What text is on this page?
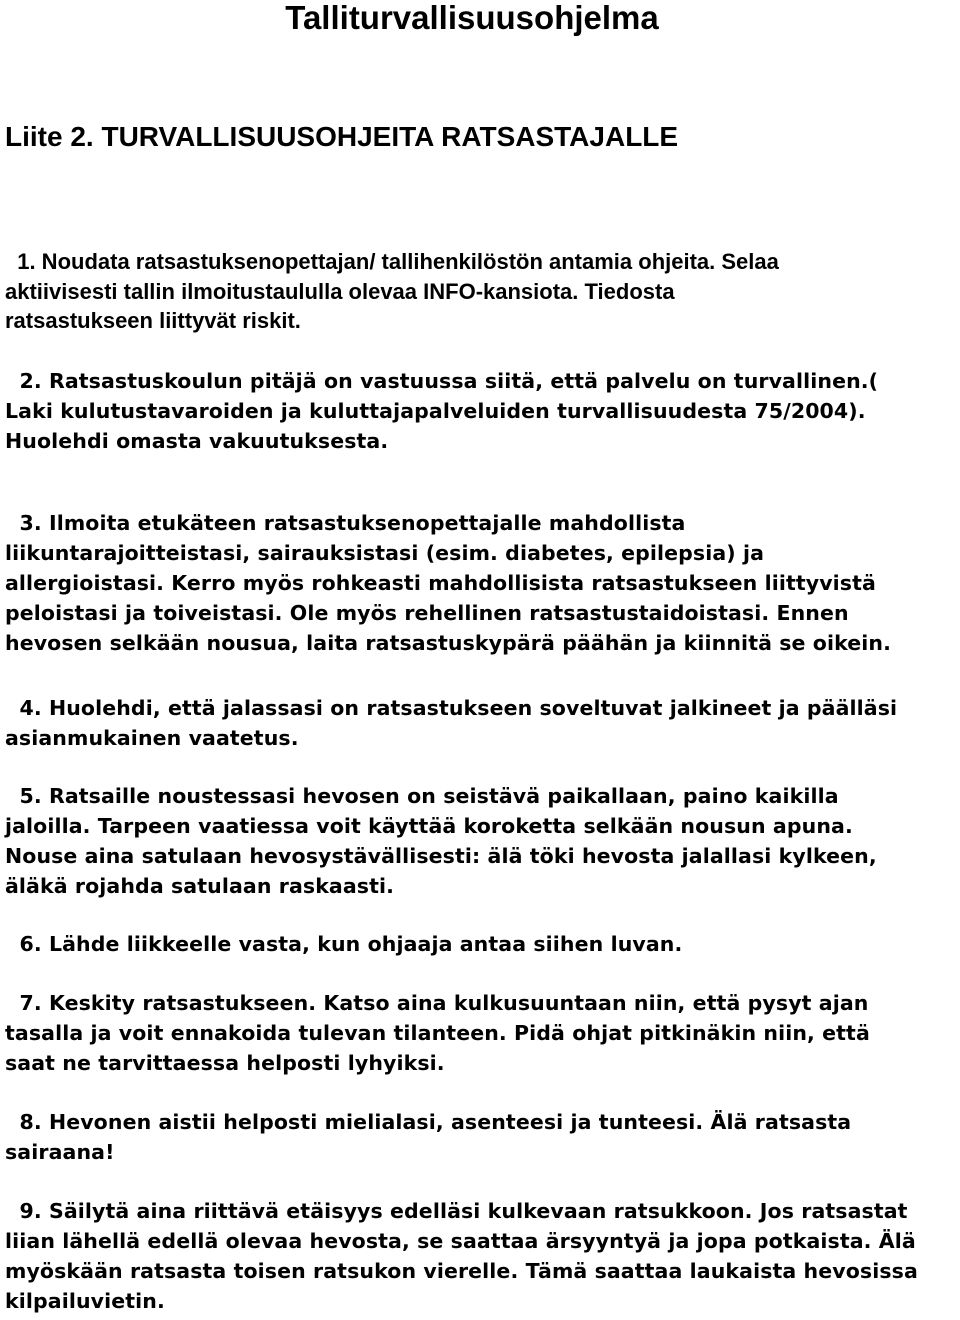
Talliturvallisuusohjelma
Liite 2. TURVALLISUUSOHJEITA RATSASTAJALLE
1. Noudata ratsastuksenopettajan/ tallihenkilöstön antamia ohjeita. Selaa
aktiivisesti tallin ilmoitustaululla olevaa INFO-kansiota. Tiedosta
ratsastukseen liittyvät riskit.
2. Ratsastuskoulun pitäjä on vastuussa siitä, että palvelu on turvallinen.(
Laki kulutustavaroiden ja kuluttajapalveluiden turvallisuudesta 75/2004).
Huolehdi omasta vakuutuksesta.
3. Ilmoita etukäteen ratsastuksenopettajalle mahdollista
liikuntarajoitteistasi, sairauksistasi (esim. diabetes, epilepsia) ja
allergioistasi. Kerro myös rohkeasti mahdollisista ratsastukseen liittyvistä
peloistasi ja toiveistasi. Ole myös rehellinen ratsastustaidoistasi. Ennen
hevosen selkään nousua, laita ratsastuskypärä päähän ja kiinnitä se oikein.
4. Huolehdi, että jalassasi on ratsastukseen soveltuvat jalkineet ja päälläsi
asianmukainen vaatetus.
5. Ratsaille noustessasi hevosen on seistävä paikallaan, paino kaikilla
jaloilla. Tarpeen vaatiessa voit käyttää koroketta selkään nousun apuna.
Nouse aina satulaan hevosystävällisesti: älä töki hevosta jalallasi kylkeen,
äläkä rojahda satulaan raskaasti.
6. Lähde liikkeelle vasta, kun ohjaaja antaa siihen luvan.
7. Keskity ratsastukseen. Katso aina kulkusuuntaan niin, että pysyt ajan
tasalla ja voit ennakoida tulevan tilanteen. Pidä ohjat pitkinäkin niin, että
saat ne tarvittaessa helposti lyhyiksi.
8. Hevonen aistii helposti mielialasi, asenteesi ja tunteesi. Älä ratsasta
sairaana!
9. Säilytä aina riittävä etäisyys edelläsi kulkevaan ratsukkoon. Jos ratsastat
liian lähellä edellä olevaa hevosta, se saattaa ärsyyntyä ja jopa potkaista. Älä
myöskään ratsasta toisen ratsukon vierelle. Tämä saattaa laukaista hevosissa
kilpailuvietin.
